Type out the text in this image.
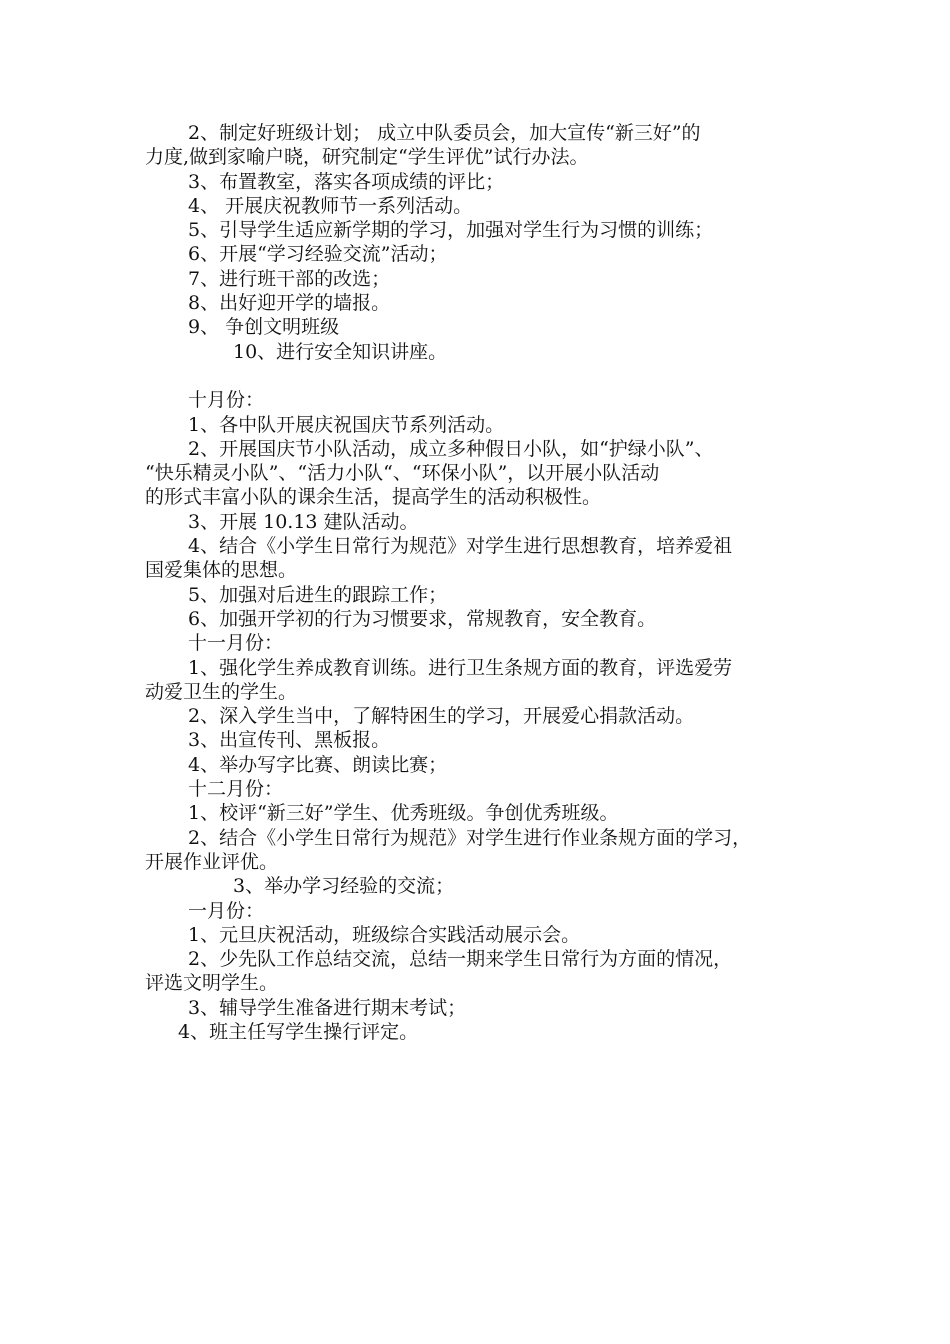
2、制定好班级计划； 成立中队委员会，加大宣传“新三好”的
力度,做到家喻户晓，研究制定“学生评优”试行办法。
3、布置教室，落实各项成绩的评比；
4、 开展庆祝教师节一系列活动。
5、引导学生适应新学期的学习，加强对学生行为习惯的训练；
6、开展“学习经验交流”活动；
7、进行班干部的改选；
8、出好迎开学的墙报。
9、 争创文明班级
10、进行安全知识讲座。
十月份：
1、各中队开展庆祝国庆节系列活动。
2、开展国庆节小队活动，成立多种假日小队，如“护绿小队”、
“快乐精灵小队”、“活力小队“、“环保小队”，以开展小队活动
的形式丰富小队的课余生活，提高学生的活动积极性。
3、开展 10.13 建队活动。
4、结合《小学生日常行为规范》对学生进行思想教育，培养爱祖
国爱集体的思想。
5、加强对后进生的跟踪工作；
6、加强开学初的行为习惯要求，常规教育，安全教育。
十一月份：
1、强化学生养成教育训练。进行卫生条规方面的教育，评选爱劳
动爱卫生的学生。
2、深入学生当中，了解特困生的学习，开展爱心捐款活动。
3、出宣传刊、黑板报。
4、举办写字比赛、朗读比赛；
十二月份：
1、校评“新三好”学生、优秀班级。争创优秀班级。
2、结合《小学生日常行为规范》对学生进行作业条规方面的学习，
开展作业评优。
3、举办学习经验的交流；
一月份：
1、元旦庆祝活动，班级综合实践活动展示会。
2、少先队工作总结交流，总结一期来学生日常行为方面的情况，
评选文明学生。
3、辅导学生准备进行期末考试；
4、班主任写学生操行评定。
